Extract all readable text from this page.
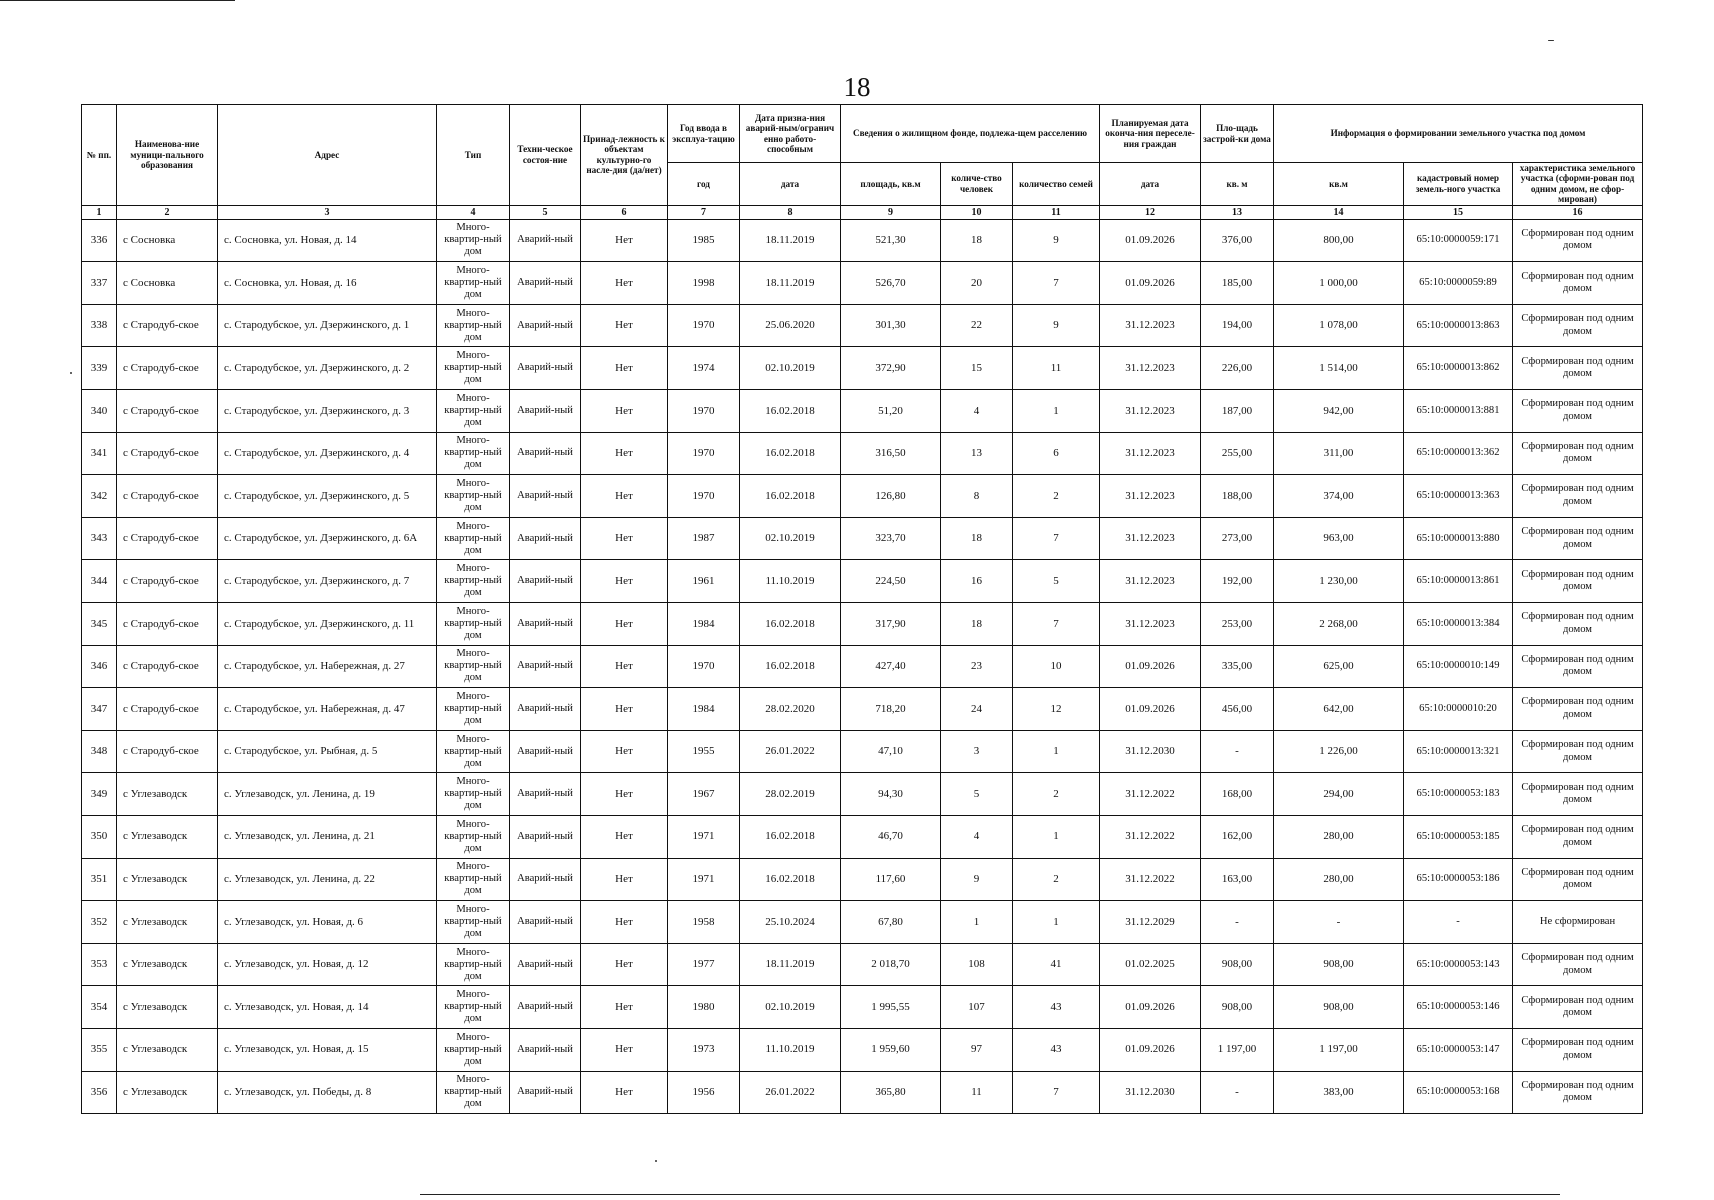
18
№ пп.	Наименова-ние муници-пального образования	Адрес	Тип	Техни-ческое состоя-ние	Принад-лежность к объектам культурно-го насле-дия (да/нет)	Год ввода в эксплуа-тацию	Дата призна-ния аварий-ным/огранич енно работо-способным	Сведения о жилищном фонде, подлежа-щем расселению			Планируемая дата оконча-ния переселе-ния граждан	Пло-щадь застрой-ки дома	Информация о формировании земельного участка под домом		
						год	дата	площадь, кв.м	количе-ство человек	количество семей	дата	кв. м	кв.м	кадастровый номер земель-ного участка	характеристика земельного участка (сформи-рован под одним домом, не сфор-мирован)
1	2	3	4	5	6	7	8	9	10	11	12	13	14	15	16
336	с Сосновка	с. Сосновка, ул. Новая, д. 14	Много-квартир-ный дом	Аварий-ный	Нет	1985	18.11.2019	521,30	18	9	01.09.2026	376,00	800,00	65:10:0000059:171	Сформирован под одним домом
337	с Сосновка	с. Сосновка, ул. Новая, д. 16	Много-квартир-ный дом	Аварий-ный	Нет	1998	18.11.2019	526,70	20	7	01.09.2026	185,00	1 000,00	65:10:0000059:89	Сформирован под одним домом
338	с Стародуб-ское	с. Стародубское, ул. Дзержинского, д. 1	Много-квартир-ный дом	Аварий-ный	Нет	1970	25.06.2020	301,30	22	9	31.12.2023	194,00	1 078,00	65:10:0000013:863	Сформирован под одним домом
339	с Стародуб-ское	с. Стародубское, ул. Дзержинского, д. 2	Много-квартир-ный дом	Аварий-ный	Нет	1974	02.10.2019	372,90	15	11	31.12.2023	226,00	1 514,00	65:10:0000013:862	Сформирован под одним домом
340	с Стародуб-ское	с. Стародубское, ул. Дзержинского, д. 3	Много-квартир-ный дом	Аварий-ный	Нет	1970	16.02.2018	51,20	4	1	31.12.2023	187,00	942,00	65:10:0000013:881	Сформирован под одним домом
341	с Стародуб-ское	с. Стародубское, ул. Дзержинского, д. 4	Много-квартир-ный дом	Аварий-ный	Нет	1970	16.02.2018	316,50	13	6	31.12.2023	255,00	311,00	65:10:0000013:362	Сформирован под одним домом
342	с Стародуб-ское	с. Стародубское, ул. Дзержинского, д. 5	Много-квартир-ный дом	Аварий-ный	Нет	1970	16.02.2018	126,80	8	2	31.12.2023	188,00	374,00	65:10:0000013:363	Сформирован под одним домом
343	с Стародуб-ское	с. Стародубское, ул. Дзержинского, д. 6А	Много-квартир-ный дом	Аварий-ный	Нет	1987	02.10.2019	323,70	18	7	31.12.2023	273,00	963,00	65:10:0000013:880	Сформирован под одним домом
344	с Стародуб-ское	с. Стародубское, ул. Дзержинского, д. 7	Много-квартир-ный дом	Аварий-ный	Нет	1961	11.10.2019	224,50	16	5	31.12.2023	192,00	1 230,00	65:10:0000013:861	Сформирован под одним домом
345	с Стародуб-ское	с. Стародубское, ул. Дзержинского, д. 11	Много-квартир-ный дом	Аварий-ный	Нет	1984	16.02.2018	317,90	18	7	31.12.2023	253,00	2 268,00	65:10:0000013:384	Сформирован под одним домом
346	с Стародуб-ское	с. Стародубское, ул. Набережная, д. 27	Много-квартир-ный дом	Аварий-ный	Нет	1970	16.02.2018	427,40	23	10	01.09.2026	335,00	625,00	65:10:0000010:149	Сформирован под одним домом
347	с Стародуб-ское	с. Стародубское, ул. Набережная, д. 47	Много-квартир-ный дом	Аварий-ный	Нет	1984	28.02.2020	718,20	24	12	01.09.2026	456,00	642,00	65:10:0000010:20	Сформирован под одним домом
348	с Стародуб-ское	с. Стародубское, ул. Рыбная, д. 5	Много-квартир-ный дом	Аварий-ный	Нет	1955	26.01.2022	47,10	3	1	31.12.2030	-	1 226,00	65:10:0000013:321	Сформирован под одним домом
349	с Углезаводск	с. Углезаводск, ул. Ленина, д. 19	Много-квартир-ный дом	Аварий-ный	Нет	1967	28.02.2019	94,30	5	2	31.12.2022	168,00	294,00	65:10:0000053:183	Сформирован под одним домом
350	с Углезаводск	с. Углезаводск, ул. Ленина, д. 21	Много-квартир-ный дом	Аварий-ный	Нет	1971	16.02.2018	46,70	4	1	31.12.2022	162,00	280,00	65:10:0000053:185	Сформирован под одним домом
351	с Углезаводск	с. Углезаводск, ул. Ленина, д. 22	Много-квартир-ный дом	Аварий-ный	Нет	1971	16.02.2018	117,60	9	2	31.12.2022	163,00	280,00	65:10:0000053:186	Сформирован под одним домом
352	с Углезаводск	с. Углезаводск, ул. Новая, д. 6	Много-квартир-ный дом	Аварий-ный	Нет	1958	25.10.2024	67,80	1	1	31.12.2029	-	-	-	Не сформирован
353	с Углезаводск	с. Углезаводск, ул. Новая, д. 12	Много-квартир-ный дом	Аварий-ный	Нет	1977	18.11.2019	2 018,70	108	41	01.02.2025	908,00	908,00	65:10:0000053:143	Сформирован под одним домом
354	с Углезаводск	с. Углезаводск, ул. Новая, д. 14	Много-квартир-ный дом	Аварий-ный	Нет	1980	02.10.2019	1 995,55	107	43	01.09.2026	908,00	908,00	65:10:0000053:146	Сформирован под одним домом
355	с Углезаводск	с. Углезаводск, ул. Новая, д. 15	Много-квартир-ный дом	Аварий-ный	Нет	1973	11.10.2019	1 959,60	97	43	01.09.2026	1 197,00	1 197,00	65:10:0000053:147	Сформирован под одним домом
356	с Углезаводск	с. Углезаводск, ул. Победы, д. 8	Много-квартир-ный дом	Аварий-ный	Нет	1956	26.01.2022	365,80	11	7	31.12.2030	-	383,00	65:10:0000053:168	Сформирован под одним домом
